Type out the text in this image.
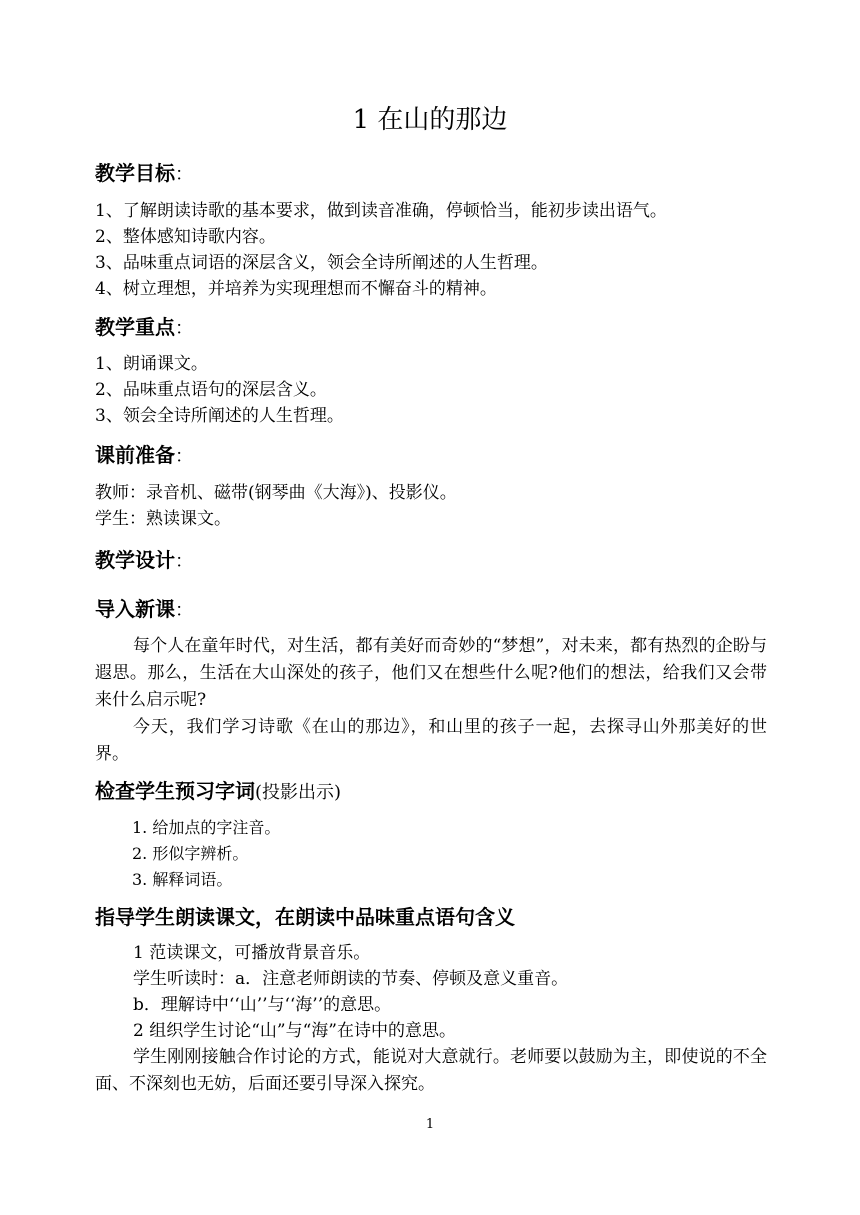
1 在山的那边
教学目标：
1、了解朗读诗歌的基本要求，做到读音准确，停顿恰当，能初步读出语气。
2、整体感知诗歌内容。
3、品味重点词语的深层含义，领会全诗所阐述的人生哲理。
4、树立理想，并培养为实现理想而不懈奋斗的精神。
教学重点：
1、朗诵课文。
2、品味重点语句的深层含义。
3、领会全诗所阐述的人生哲理。
课前准备：
教师：录音机、磁带(钢琴曲《大海》)、投影仪。
学生：熟读课文。
教学设计：
导入新课：

每个人在童年时代，对生活，都有美好而奇妙的“梦想”，对未来，都有热烈的企盼与遐思。那么，生活在大山深处的孩子，他们又在想些什么呢?他们的想法，给我们又会带来什么启示呢?

今天，我们学习诗歌《在山的那边》，和山里的孩子一起，去探寻山外那美好的世界。

检查学生预习字词(投影出示)
1. 给加点的字注音。
2. 形似字辨析。
3. 解释词语。
指导学生朗读课文，在朗读中品味重点语句含义
1 范读课文，可播放背景音乐。
学生听读时：a．注意老师朗读的节奏、停顿及意义重音。
b．理解诗中‘‘山’’与‘‘海’’的意思。
2 组织学生讨论“山”与“海”在诗中的意思。

学生刚刚接触合作讨论的方式，能说对大意就行。老师要以鼓励为主，即使说的不全面、不深刻也无妨，后面还要引导深入探究。

1
